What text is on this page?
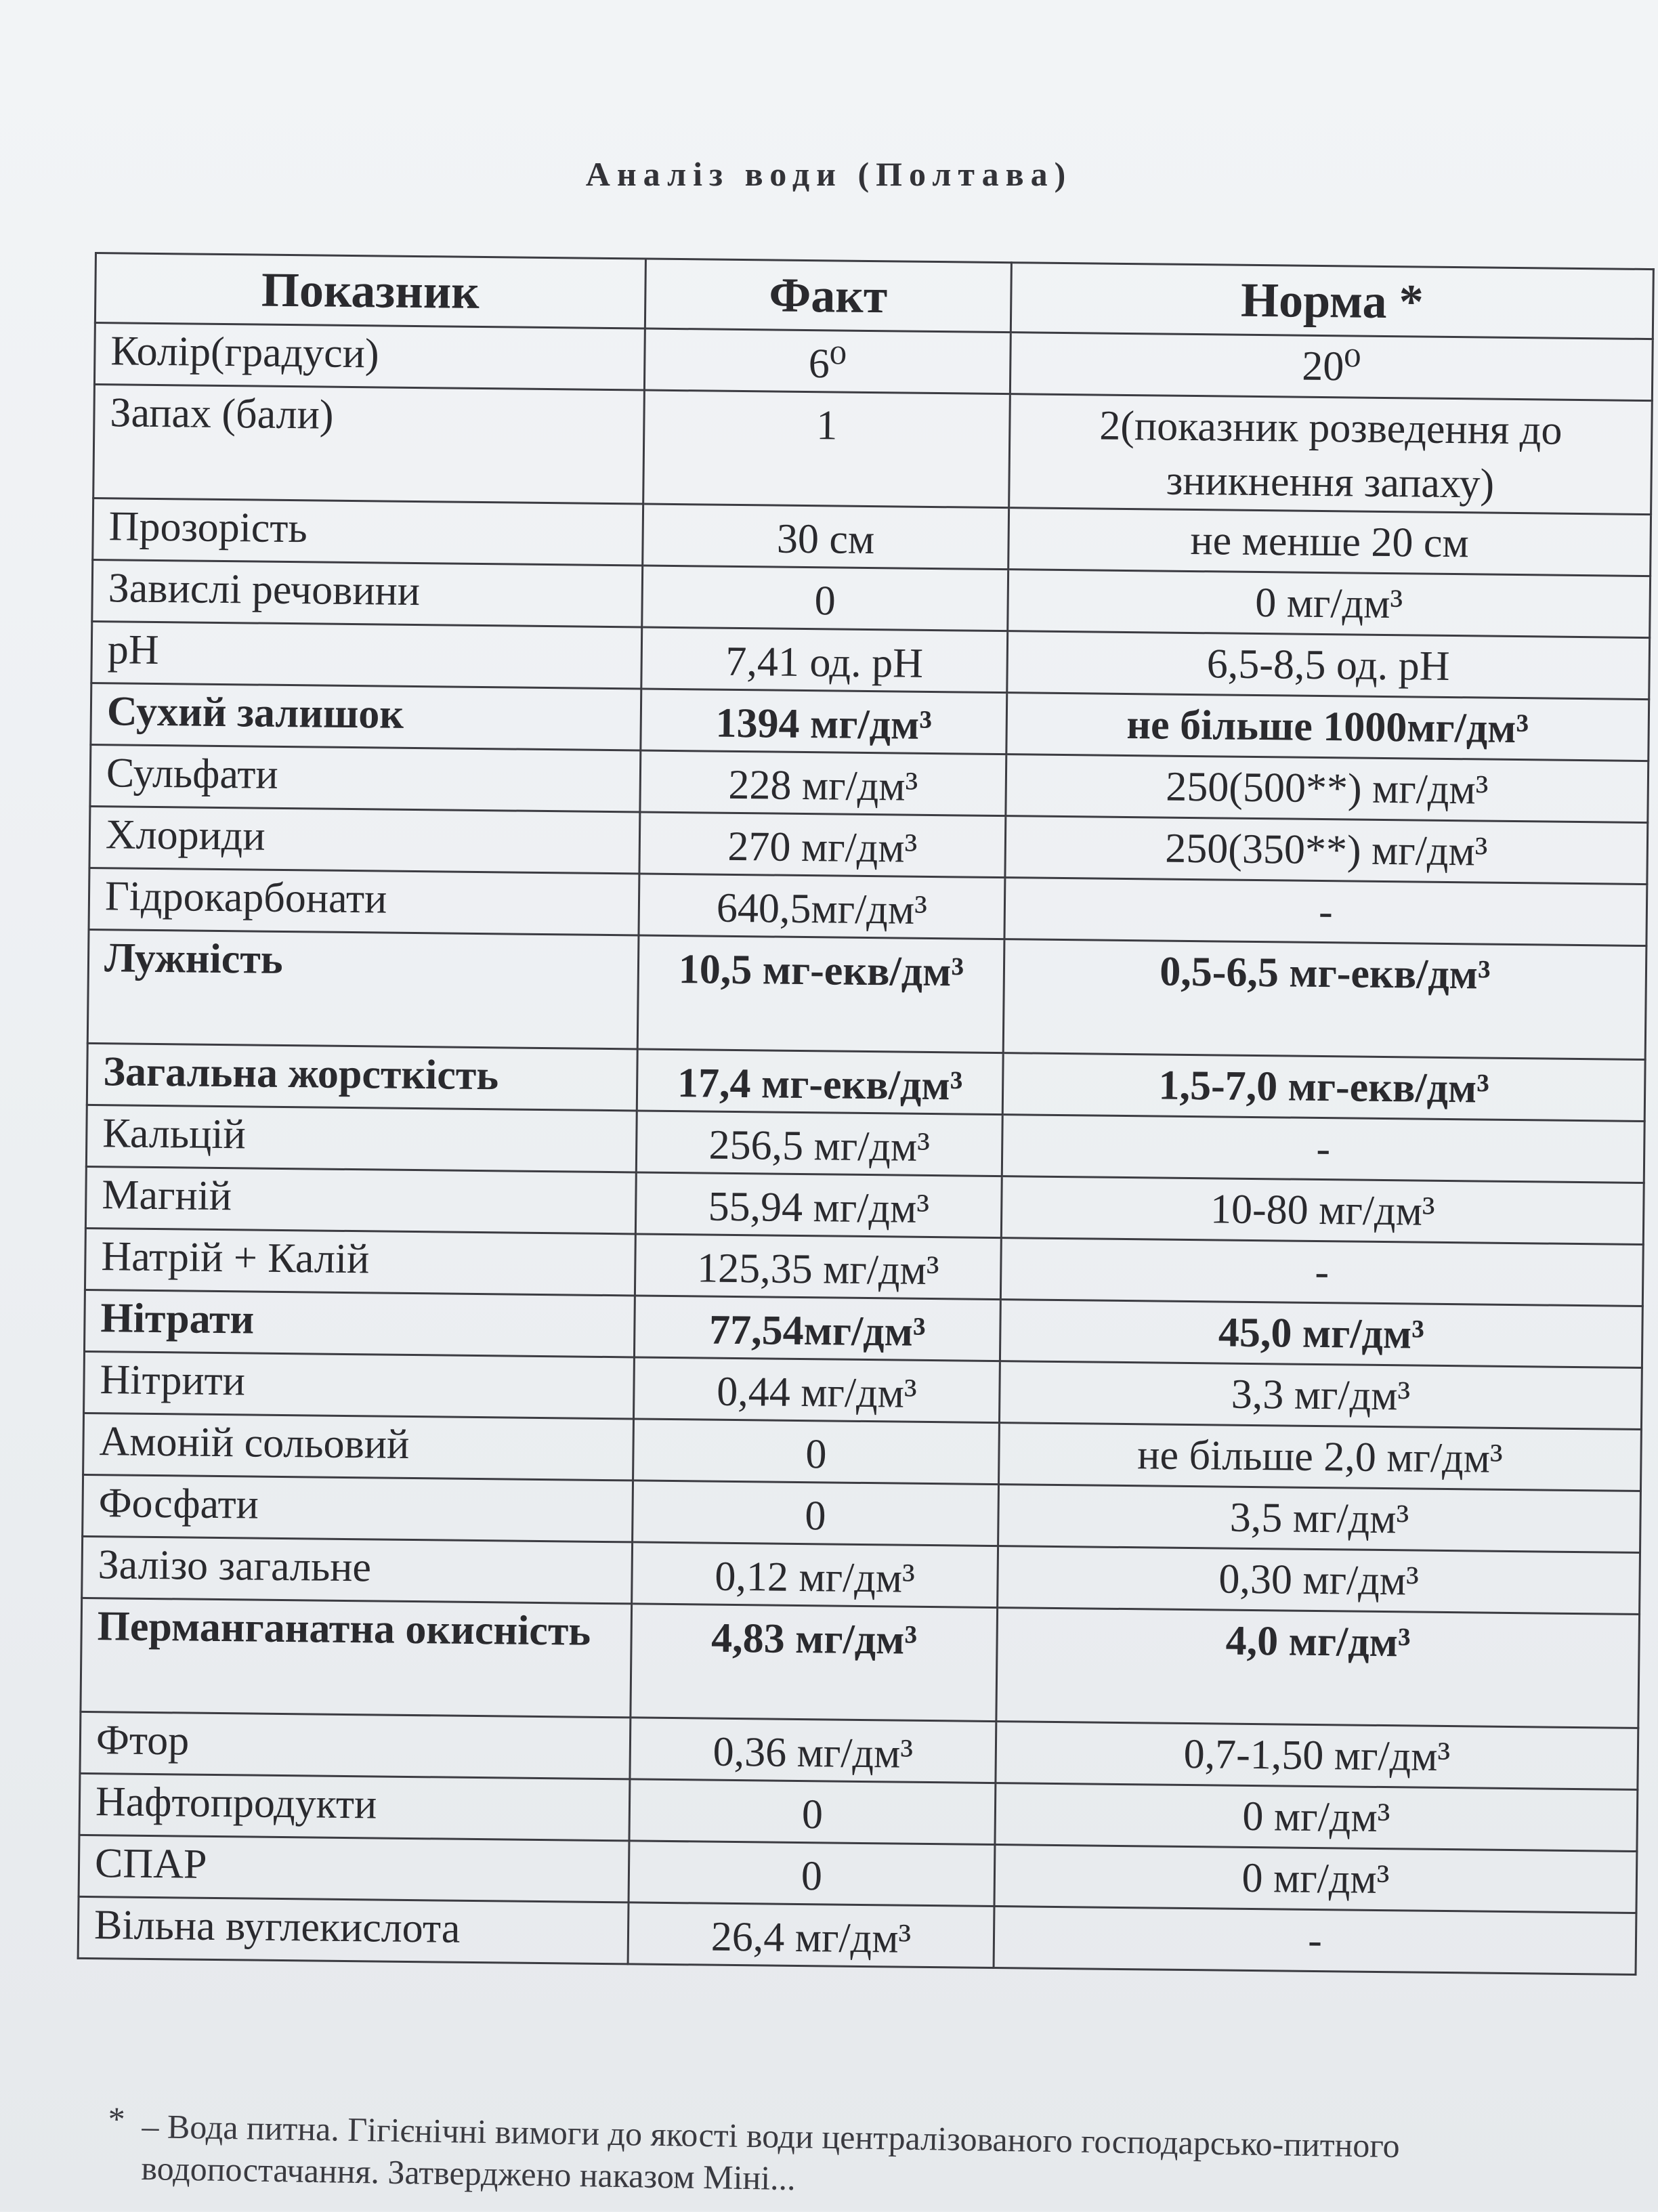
Аналіз води (Полтава)
Показник	Факт	Норма *
Колір(градуси)	6⁰	20⁰
Запах (бали)	1	2(показник розведення до зникнення запаху)
Прозорість	30 см	не менше 20 см
Завислі речовини	0	0 мг/дм³
pH	7,41 од. pH	6,5-8,5 од. pH
Сухий залишок	1394 мг/дм³	не більше 1000мг/дм³
Сульфати	228 мг/дм³	250(500**) мг/дм³
Хлориди	270 мг/дм³	250(350**) мг/дм³
Гідрокарбонати	640,5мг/дм³	-
Лужність	10,5 мг-екв/дм³	0,5-6,5 мг-екв/дм³
Загальна жорсткість	17,4 мг-екв/дм³	1,5-7,0 мг-екв/дм³
Кальцій	256,5 мг/дм³	-
Магній	55,94 мг/дм³	10-80 мг/дм³
Натрій + Калій	125,35 мг/дм³	-
Нітрати	77,54мг/дм³	45,0 мг/дм³
Нітрити	0,44 мг/дм³	3,3 мг/дм³
Амоній сольовий	0	не більше 2,0 мг/дм³
Фосфати	0	3,5 мг/дм³
Залізо загальне	0,12 мг/дм³	0,30 мг/дм³
Перманганатна окисність	4,83 мг/дм³	4,0 мг/дм³
Фтор	0,36 мг/дм³	0,7-1,50 мг/дм³
Нафтопродукти	0	0 мг/дм³
СПАР	0	0 мг/дм³
Вільна вуглекислота	26,4 мг/дм³	-
* – Вода питна. Гігієнічні вимоги до якості води централізованого господарсько-питного водопостачання. Затверджено наказом Міні...
